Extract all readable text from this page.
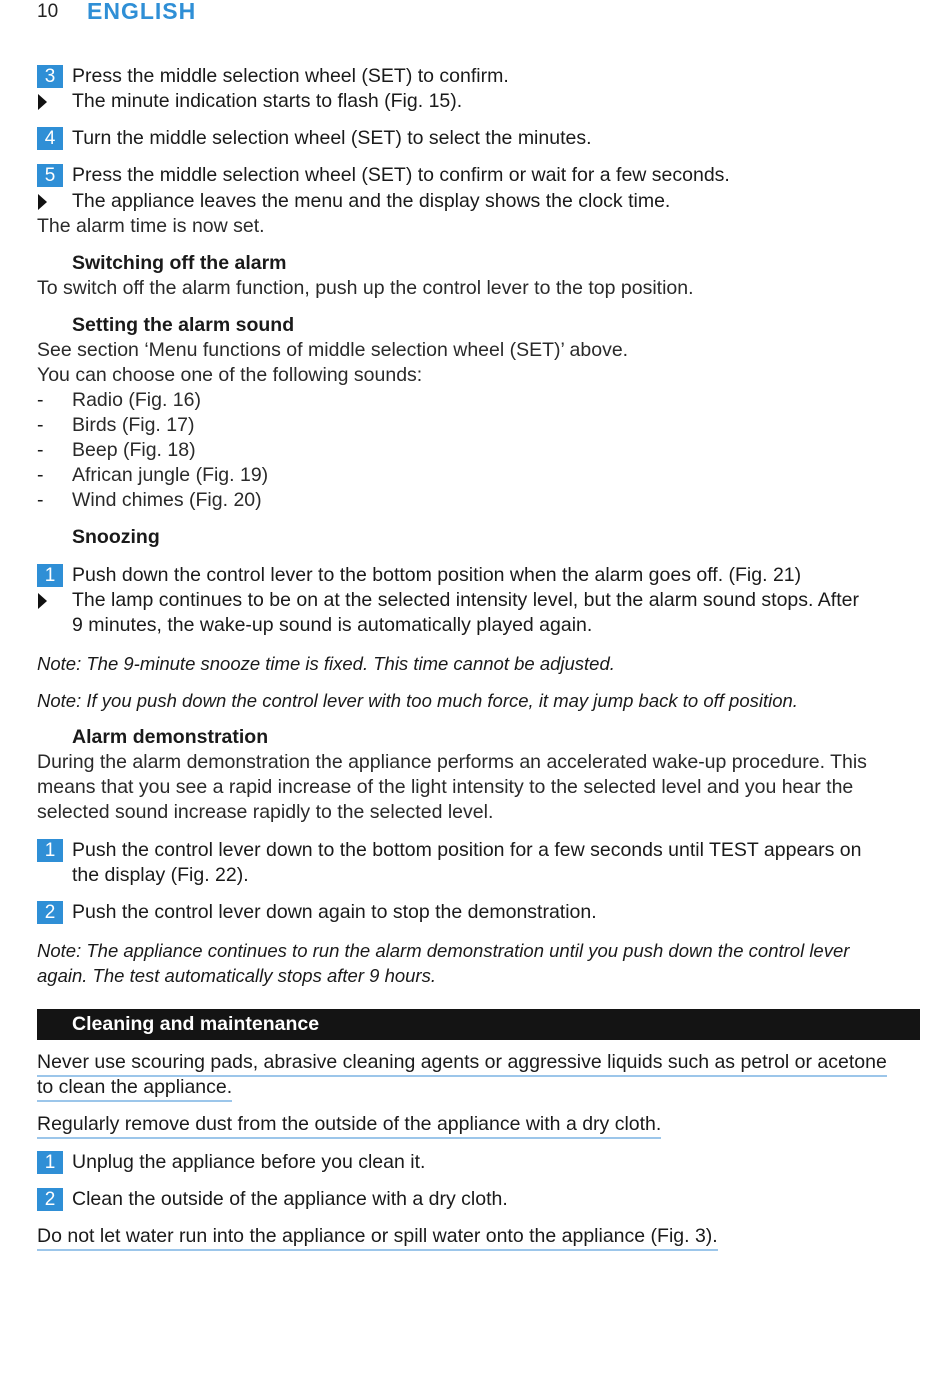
10 ENGLISH
3 Press the middle selection wheel (SET) to confirm.
The minute indication starts to flash (Fig. 15).
4 Turn the middle selection wheel (SET) to select the minutes.
5 Press the middle selection wheel (SET) to confirm or wait for a few seconds.
The appliance leaves the menu and the display shows the clock time.
The alarm time is now set.
Switching off the alarm
To switch off the alarm function, push up the control lever to the top position.
Setting the alarm sound
See section ‘Menu functions of middle selection wheel (SET)’ above.
You can choose one of the following sounds:
- Radio (Fig. 16)
- Birds (Fig. 17)
- Beep (Fig. 18)
- African jungle (Fig. 19)
- Wind chimes (Fig. 20)
Snoozing
1 Push down the control lever to the bottom position when the alarm goes off. (Fig. 21)
The lamp continues to be on at the selected intensity level, but the alarm sound stops. After
9 minutes, the wake-up sound is automatically played again.
Note: The 9-minute snooze time is fixed. This time cannot be adjusted.
Note: If you push down the control lever with too much force, it may jump back to off position.
Alarm demonstration
During the alarm demonstration the appliance performs an accelerated wake-up procedure. This
means that you see a rapid increase of the light intensity to the selected level and you hear the
selected sound increase rapidly to the selected level.
1 Push the control lever down to the bottom position for a few seconds until TEST appears on
the display (Fig. 22).
2 Push the control lever down again to stop the demonstration.
Note: The appliance continues to run the alarm demonstration until you push down the control lever
again. The test automatically stops after 9 hours.
Cleaning and maintenance
Never use scouring pads, abrasive cleaning agents or aggressive liquids such as petrol or acetone
to clean the appliance.
Regularly remove dust from the outside of the appliance with a dry cloth.
1 Unplug the appliance before you clean it.
2 Clean the outside of the appliance with a dry cloth.
Do not let water run into the appliance or spill water onto the appliance (Fig. 3).
